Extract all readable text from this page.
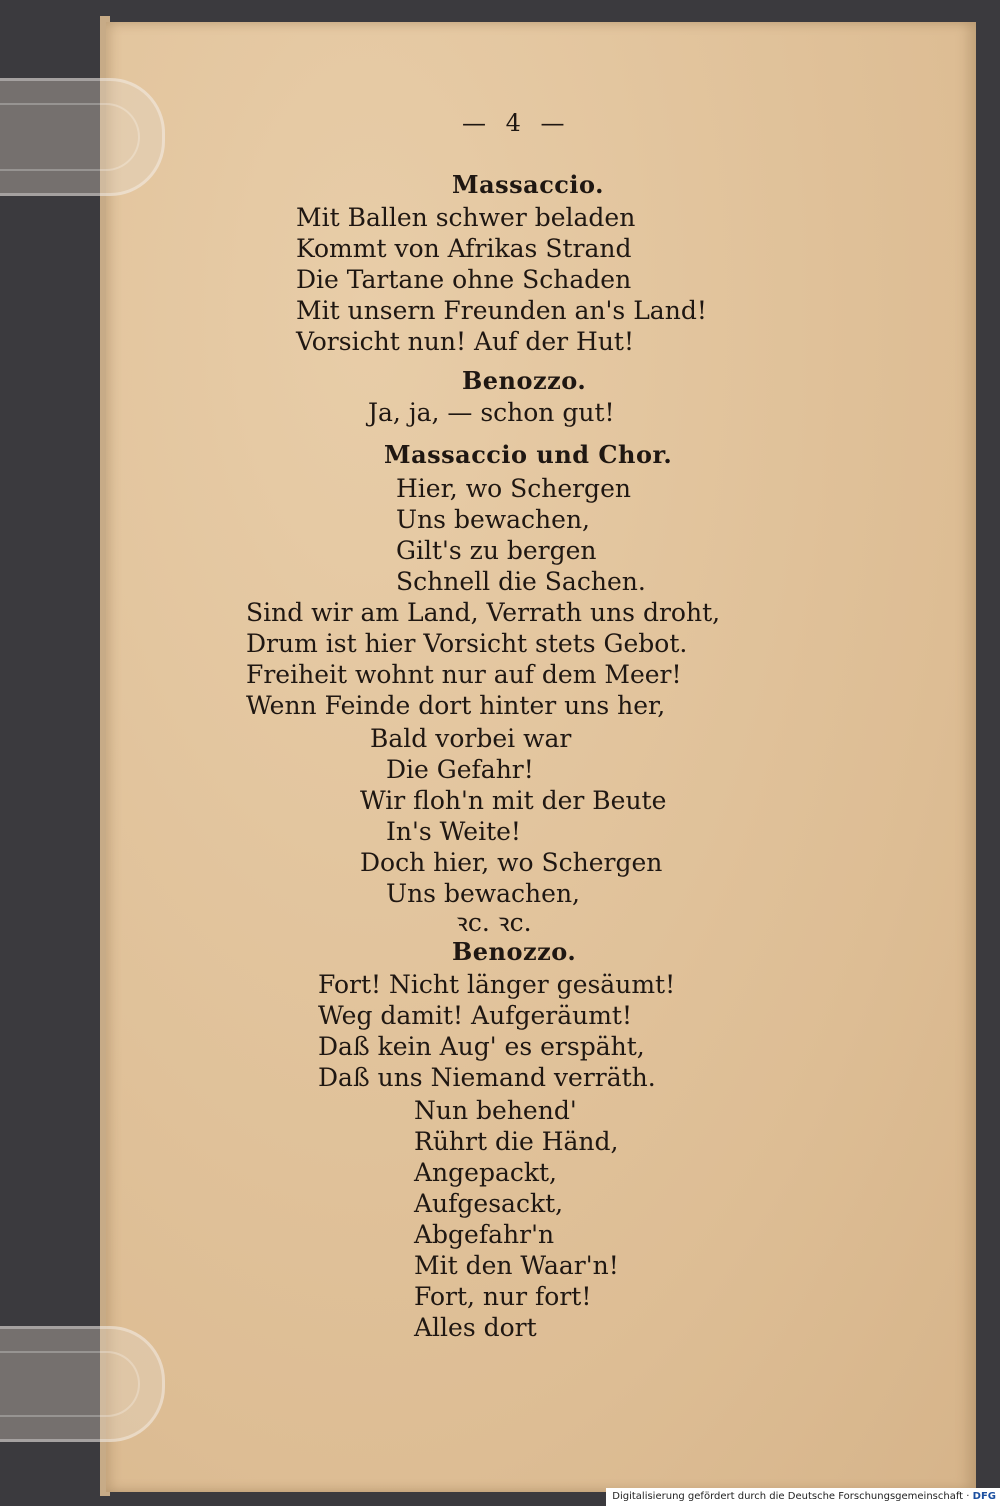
— 4 —
Massaccio.
Mit Ballen schwer beladen
Kommt von Afrikas Strand
Die Tartane ohne Schaden
Mit unsern Freunden an's Land!
Vorsicht nun! Auf der Hut!
Benozzo.
Ja, ja, — schon gut!
Massaccio und Chor.
Hier, wo Schergen
Uns bewachen,
Gilt's zu bergen
Schnell die Sachen.
Sind wir am Land, Verrath uns droht,
Drum ist hier Vorsicht stets Gebot.
Freiheit wohnt nur auf dem Meer!
Wenn Feinde dort hinter uns her,
Bald vorbei war
Die Gefahr!
Wir floh'n mit der Beute
In's Weite!
Doch hier, wo Schergen
Uns bewachen,
ꝛc. ꝛc.
Benozzo.
Fort! Nicht länger gesäumt!
Weg damit! Aufgeräumt!
Daß kein Aug' es erspäht,
Daß uns Niemand verräth.
Nun behend'
Rührt die Händ,
Angepackt,
Aufgesackt,
Abgefahr'n
Mit den Waar'n!
Fort, nur fort!
Alles dort
Digitalisierung gefördert durch die Deutsche Forschungsgemeinschaft · DFG
